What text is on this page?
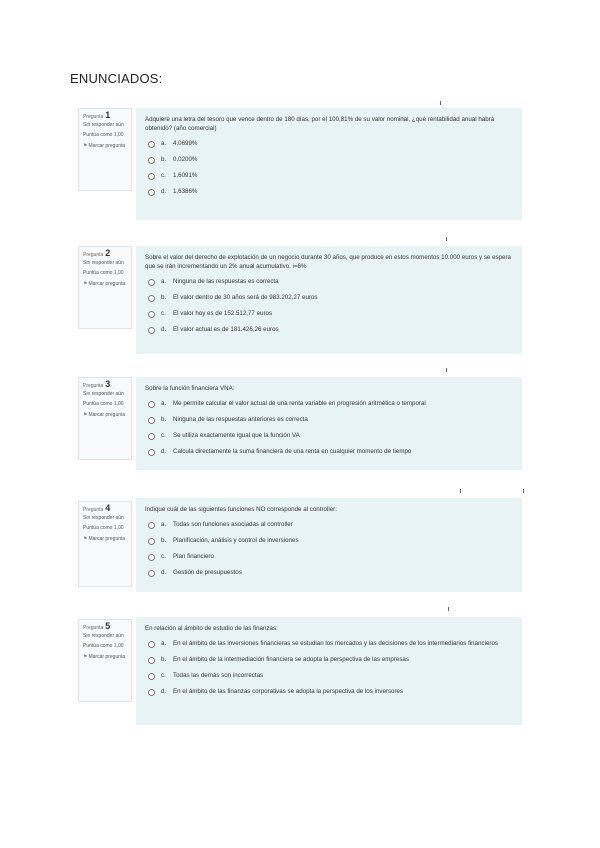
ENUNCIADOS:
Pregunta 1
Sin responder aún
Puntúa como 1,00
⚑Marcar pregunta
Adquiere una letra del tesoro que vence dentro de 180 días, por el 100,81% de su valor nominal, ¿qué rentabilidad anual habrá obtenido? (año comercial)
a.	4,0699%
b.	0,0200%
c.	1,6091%
d.	1,6386%
Pregunta 2
Sin responder aún
Puntúa como 1,00
⚑Marcar pregunta
Sobre el valor del derecho de explotación de un negocio durante 30 años, que produce en estos momentos 10.000 euros y se espera que se irán incrementando un 2% anual acumulativo. i=6%
a.	Ninguna de las respuestas es correcta
b.	El valor dentro de 30 años será de 983.202,27 euros
c.	El valor hoy es de 152.512,77 euros
d.	El valor actual es de 181.426,26 euros
Pregunta 3
Sin responder aún
Puntúa como 1,00
⚑Marcar pregunta
Sobre la función financiera VNA:
a.	Me permite calcular el valor actual de una renta variable en progresión aritmética o temporal
b.	Ninguna de las respuestas anteriores es correcta
c.	Se utiliza exactamente igual que la función VA
d.	Calcula directamente la suma financiera de una renta en cualquier momento de tiempo
Pregunta 4
Sin responder aún
Puntúa como 1,00
⚑Marcar pregunta
Indique cuál de las siguientes funciones NO corresponde al controller:
a.	Todas son funciones asociadas al controller
b.	Planificación, análisis y control de inversiones
c.	Plan financiero
d.	Gestión de presupuestos
Pregunta 5
Sin responder aún
Puntúa como 1,00
⚑Marcar pregunta
En relación al ámbito de estudio de las finanzas:
a.	En el ámbito de las inversiones financieras se estudian los mercados y las decisiones de los intermediarios financieros
b.	En el ámbito de la intermediación financiera se adopta la perspectiva de las empresas
c.	Todas las demás son incorrectas
d.	En el ámbito de las finanzas corporativas se adopta la perspectiva de los inversores
